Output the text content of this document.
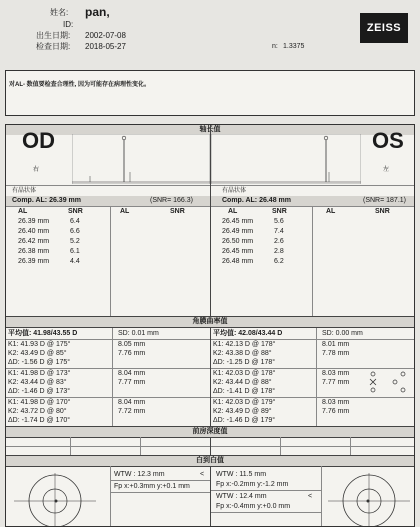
姓名: pan,
ID:
出生日期: 2002-07-08
检查日期: 2018-05-27	n: 1.3375
ZEISS
对AL- 数值要检查合理性, 因为可能存在病理性变化。
轴长值
OD
右
OS
左
有晶状体
Comp. AL: 26.39 mm	(SNR= 166.3)
AL	SNR	AL	SNR
26.39 mm	6.4
26.40 mm	6.6
26.42 mm	5.2
26.38 mm	6.1
26.39 mm	4.4
有晶状体
Comp. AL: 26.48 mm	(SNR= 187.1)
AL	SNR	AL	SNR
26.45 mm	5.6
26.49 mm	7.4
26.50 mm	2.6
26.45 mm	2.8
26.48 mm	6.2
角膜曲率值
平均值: 41.98/43.55 D	SD: 0.01 mm
K1: 41.93 D @ 175°
K2: 43.49 D @ 85°
ΔD: -1.56 D @ 175°
8.05 mm
7.76 mm
K1: 41.98 D @ 173°
K2: 43.44 D @ 83°
ΔD: -1.46 D @ 173°
8.04 mm
7.77 mm
K1: 41.98 D @ 170°
K2: 43.72 D @ 80°
ΔD: -1.74 D @ 170°
8.04 mm
7.72 mm
平均值: 42.08/43.44 D	SD: 0.00 mm
K1: 42.13 D @ 178°
K2: 43.38 D @ 88°
ΔD: -1.25 D @ 178°
8.01 mm
7.78 mm
K1: 42.03 D @ 178°
K2: 43.44 D @ 88°
ΔD: -1.41 D @ 178°
8.03 mm
7.77 mm
K1: 42.03 D @ 179°
K2: 43.49 D @ 89°
ΔD: -1.46 D @ 179°
8.03 mm
7.76 mm
前房深度值
白到白值
WTW : 12.3 mm	<
Fp x:+0.3mm y:+0.1 mm
WTW : 11.5 mm
Fp x:-0.2mm y:-1.2 mm
WTW : 12.4 mm	<
Fp x:-0.4mm y:+0.0 mm
